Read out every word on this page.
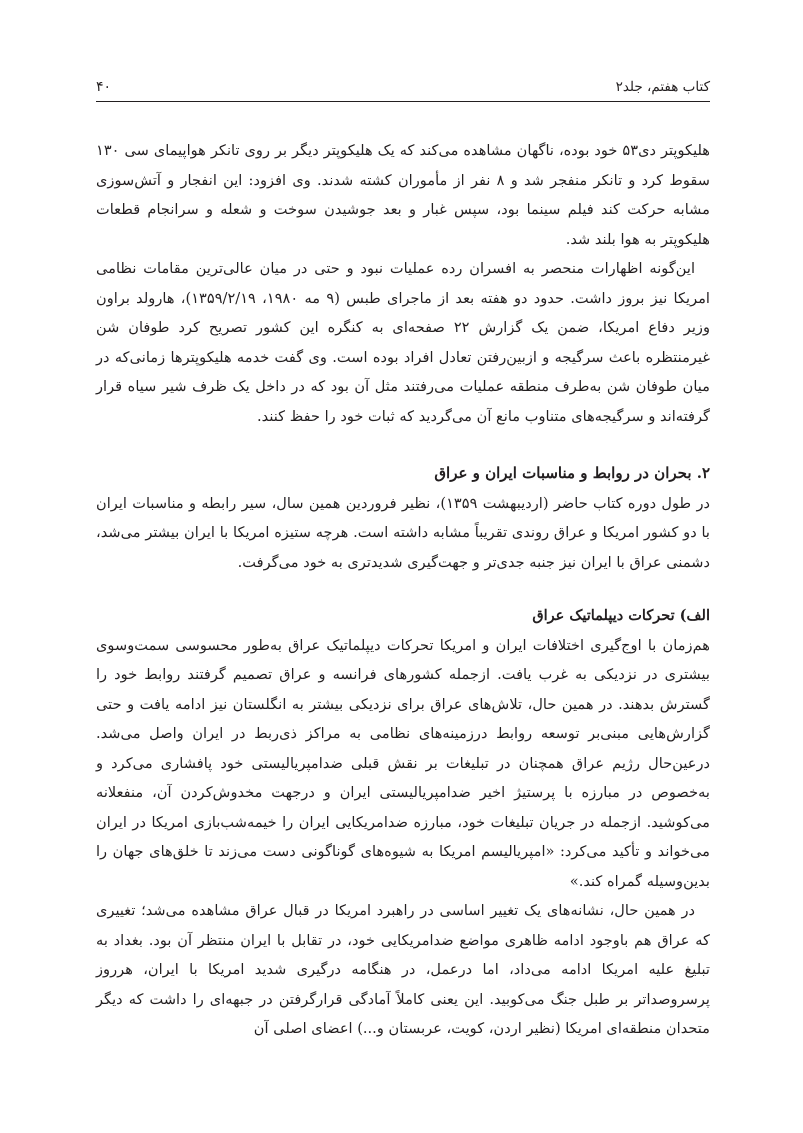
کتاب هفتم، جلد۲
۴۰

هلیکوپتر دی۵۳ خود بوده، ناگهان مشاهده می‌کند که یک هلیکوپتر دیگر بر روی تانکر هواپیمای سی ۱۳۰ سقوط کرد و تانکر منفجر شد و ۸ نفر از مأموران کشته شدند. وی افزود: این انفجار و آتش‌سوزی مشابه حرکت کند فیلم سینما بود، سپس غبار و بعد جوشیدن سوخت و شعله و سرانجام قطعات هلیکوپتر به هوا بلند شد.

این‌گونه اظهارات منحصر به افسران رده عملیات نبود و حتی در میان عالی‌ترین مقامات نظامی امریکا نیز بروز داشت. حدود دو هفته بعد از ماجرای طبس (۹ مه ۱۹۸۰، ۱۳۵۹/۲/۱۹)، هارولد براون وزیر دفاع امریکا، ضمن یک گزارش ۲۲ صفحه‌ای به کنگره این کشور تصریح کرد طوفان شن غیرمنتظره باعث سرگیجه و ازبین‌رفتن تعادل افراد بوده است. وی گفت خدمه هلیکوپترها زمانی‌که در میان طوفان شن به‌طرف منطقه عملیات می‌رفتند مثل آن بود که در داخل یک ظرف شیر سیاه قرار گرفته‌اند و سرگیجه‌های متناوب مانع آن می‌گردید که ثبات خود را حفظ کنند.

۲. بحران در روابط و مناسبات ایران و عراق

در طول دوره کتاب حاضر (اردیبهشت ۱۳۵۹)، نظیر فروردین همین سال، سیر رابطه و مناسبات ایران با دو کشور امریکا و عراق روندی تقریباً مشابه داشته است. هرچه ستیزه امریکا با ایران بیشتر می‌شد، دشمنی عراق با ایران نیز جنبه جدی‌تر و جهت‌گیری شدیدتری به خود می‌گرفت.

الف) تحرکات دیپلماتیک عراق

هم‌زمان با اوج‌گیری اختلافات ایران و امریکا تحرکات دیپلماتیک عراق به‌طور محسوسی سمت‌وسوی بیشتری در نزدیکی به غرب یافت. ازجمله کشورهای فرانسه و عراق تصمیم گرفتند روابط خود را گسترش بدهند. در همین حال، تلاش‌های عراق برای نزدیکی بیشتر به انگلستان نیز ادامه یافت و حتی گزارش‌هایی مبنی‌بر توسعه روابط درزمینه‌های نظامی به مراکز ذی‌ربط در ایران واصل می‌شد. درعین‌حال رژیم عراق همچنان در تبلیغات بر نقش قبلی ضدامپریالیستی خود پافشاری می‌کرد و به‌خصوص در مبارزه با پرستیژ اخیر ضدامپریالیستی ایران و درجهت مخدوش‌کردن آن، منفعلانه می‌کوشید. ازجمله در جریان تبلیغات خود، مبارزه ضدامریکایی ایران را خیمه‌شب‌بازی امریکا در ایران می‌خواند و تأکید می‌کرد: «امپریالیسم امریکا به شیوه‌های گوناگونی دست می‌زند تا خلق‌های جهان را بدین‌وسیله گمراه کند.»

در همین حال، نشانه‌های یک تغییر اساسی در راهبرد امریکا در قبال عراق مشاهده می‌شد؛ تغییری که عراق هم باوجود ادامه ظاهری مواضع ضدامریکایی خود، در تقابل با ایران منتظر آن بود. بغداد به تبلیغ علیه امریکا ادامه می‌داد، اما درعمل، در هنگامه درگیری شدید امریکا با ایران، هرروز پرسروصداتر بر طبل جنگ می‌کوبید. این یعنی کاملاً آمادگی قرارگرفتن در جبهه‌ای را داشت که دیگر متحدان منطقه‌ای امریکا (نظیر اردن، کویت، عربستان و...) اعضای اصلی آن
